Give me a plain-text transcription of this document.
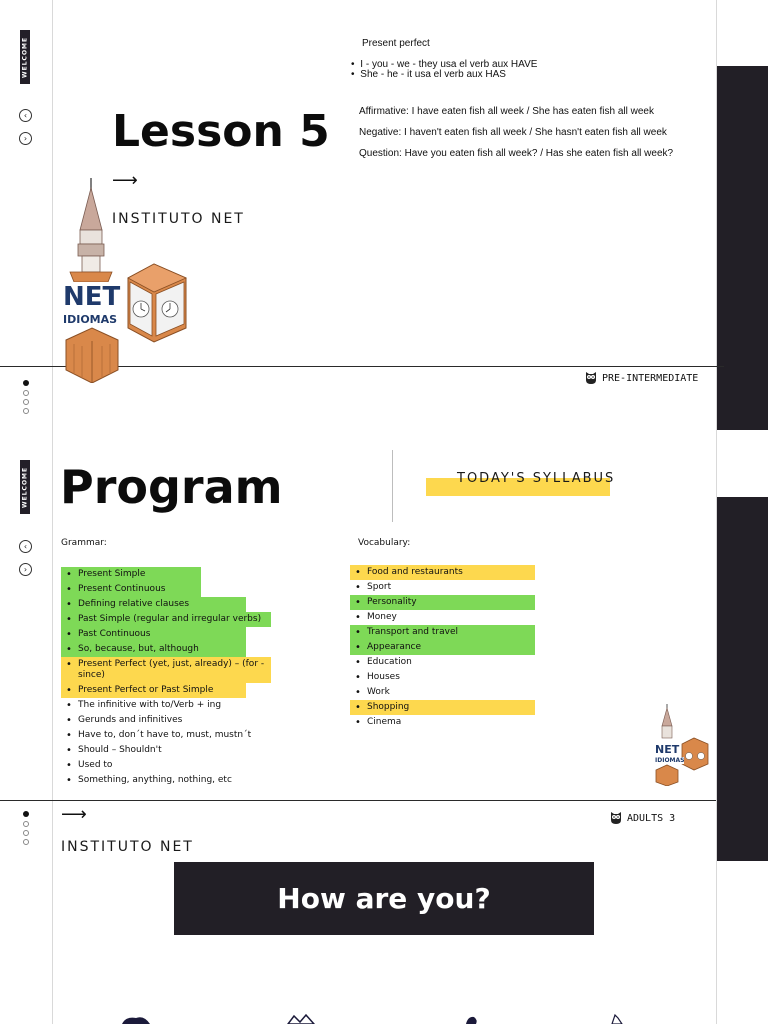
WELCOME
‹
› Lesson 5
⟶
INSTITUTO NET
NET
IDIOMAS
Present perfect
• I - you - we - they usa el verb aux HAVE
• She - he - it usa el verb aux HAS
Affirmative: I have eaten fish all week / She has eaten fish all week
Negative: I haven't eaten fish all week / She hasn't eaten fish all week
Question: Have you eaten fish all week? / Has she eaten fish all week?
PRE-INTERMEDIATE
WELCOME
‹
›
Program	TODAY'S SYLLABUS
Grammar:	Vocabulary:
• Present Simple
• Present Continuous
• Defining relative clauses
• Past Simple (regular and irregular verbs)
• Past Continuous
• So, because, but, although
• Present Perfect (yet, just, already) – (for - since)
• Present Perfect or Past Simple
• The infinitive with to/Verb + ing
• Gerunds and infinitives
• Have to, don´t have to, must, mustn´t
• Should – Shouldn't
• Used to
• Something, anything, nothing, etc
• Food and restaurants
• Sport
• Personality
• Money
• Transport and travel
• Appearance
• Education
• Houses
• Work
• Shopping
• Cinema
NET
IDIOMAS
⟶
INSTITUTO NET
ADULTS 3
How are you?
